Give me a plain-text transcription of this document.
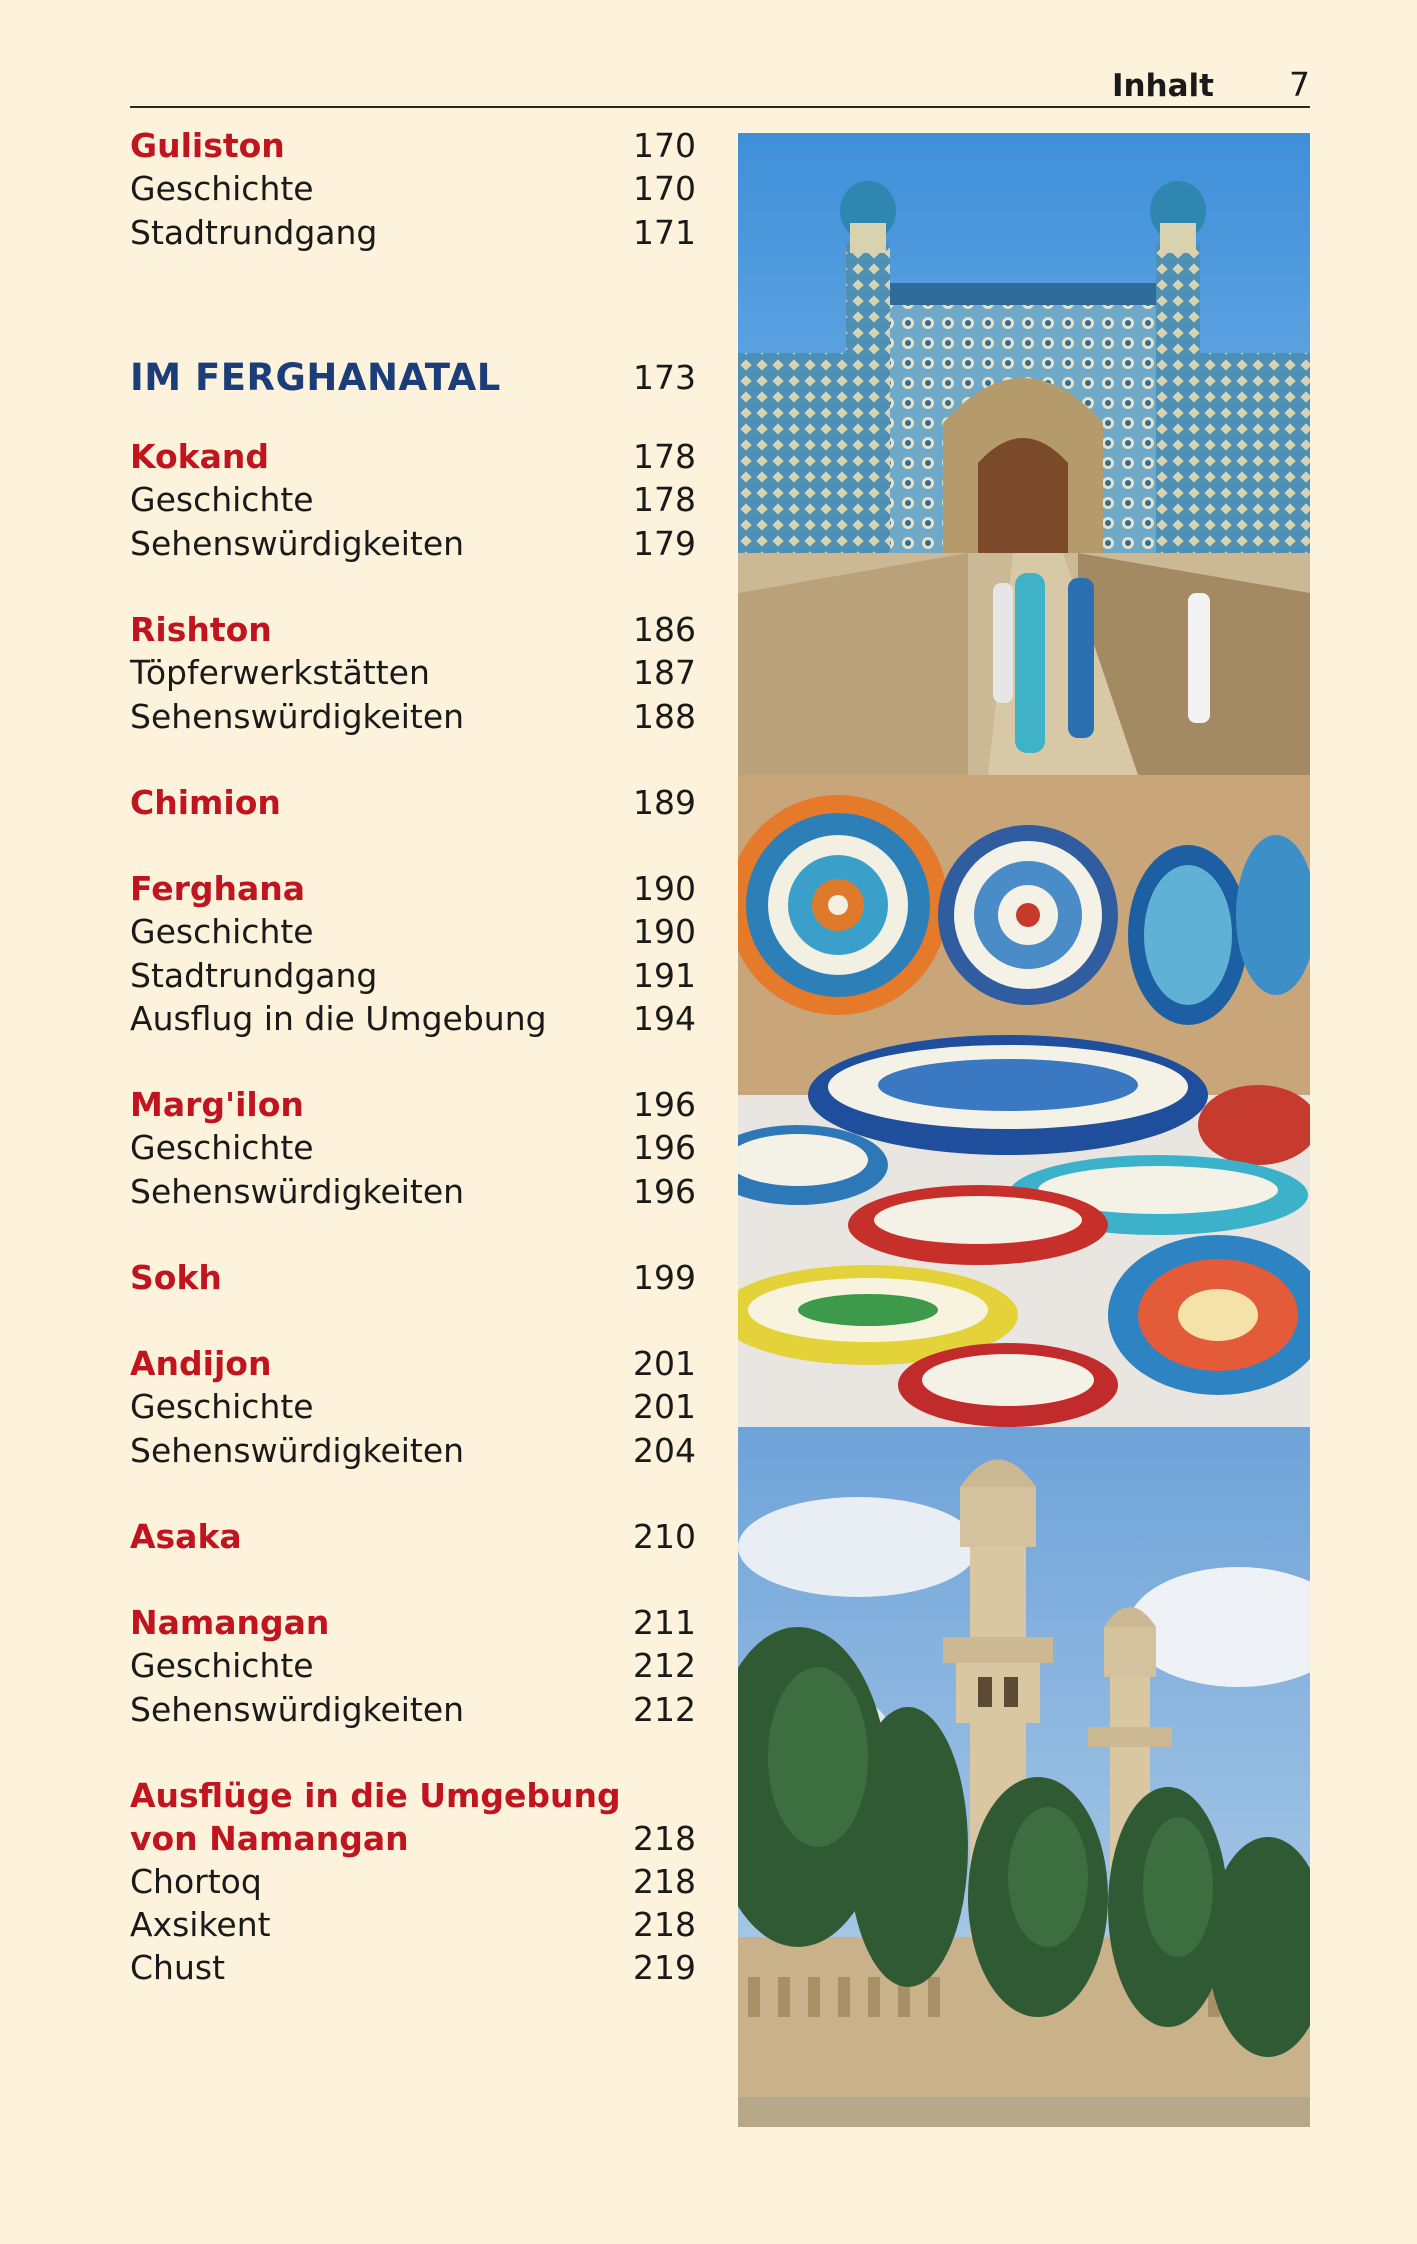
Inhalt 7
Guliston	170
Geschichte	170
Stadtrundgang	171
IM FERGHANATAL	173
Kokand	178
Geschichte	178
Sehenswürdigkeiten	179
Rishton	186
Töpferwerkstätten	187
Sehenswürdigkeiten	188
Chimion	189
Ferghana	190
Geschichte	190
Stadtrundgang	191
Ausflug in die Umgebung	194
Marg'ilon	196
Geschichte	196
Sehenswürdigkeiten	196
Sokh	199
Andijon	201
Geschichte	201
Sehenswürdigkeiten	204
Asaka	210
Namangan	211
Geschichte	212
Sehenswürdigkeiten	212
Ausflüge in die Umgebung
von Namangan	218
Chortoq	218
Axsikent	218
Chust	219
